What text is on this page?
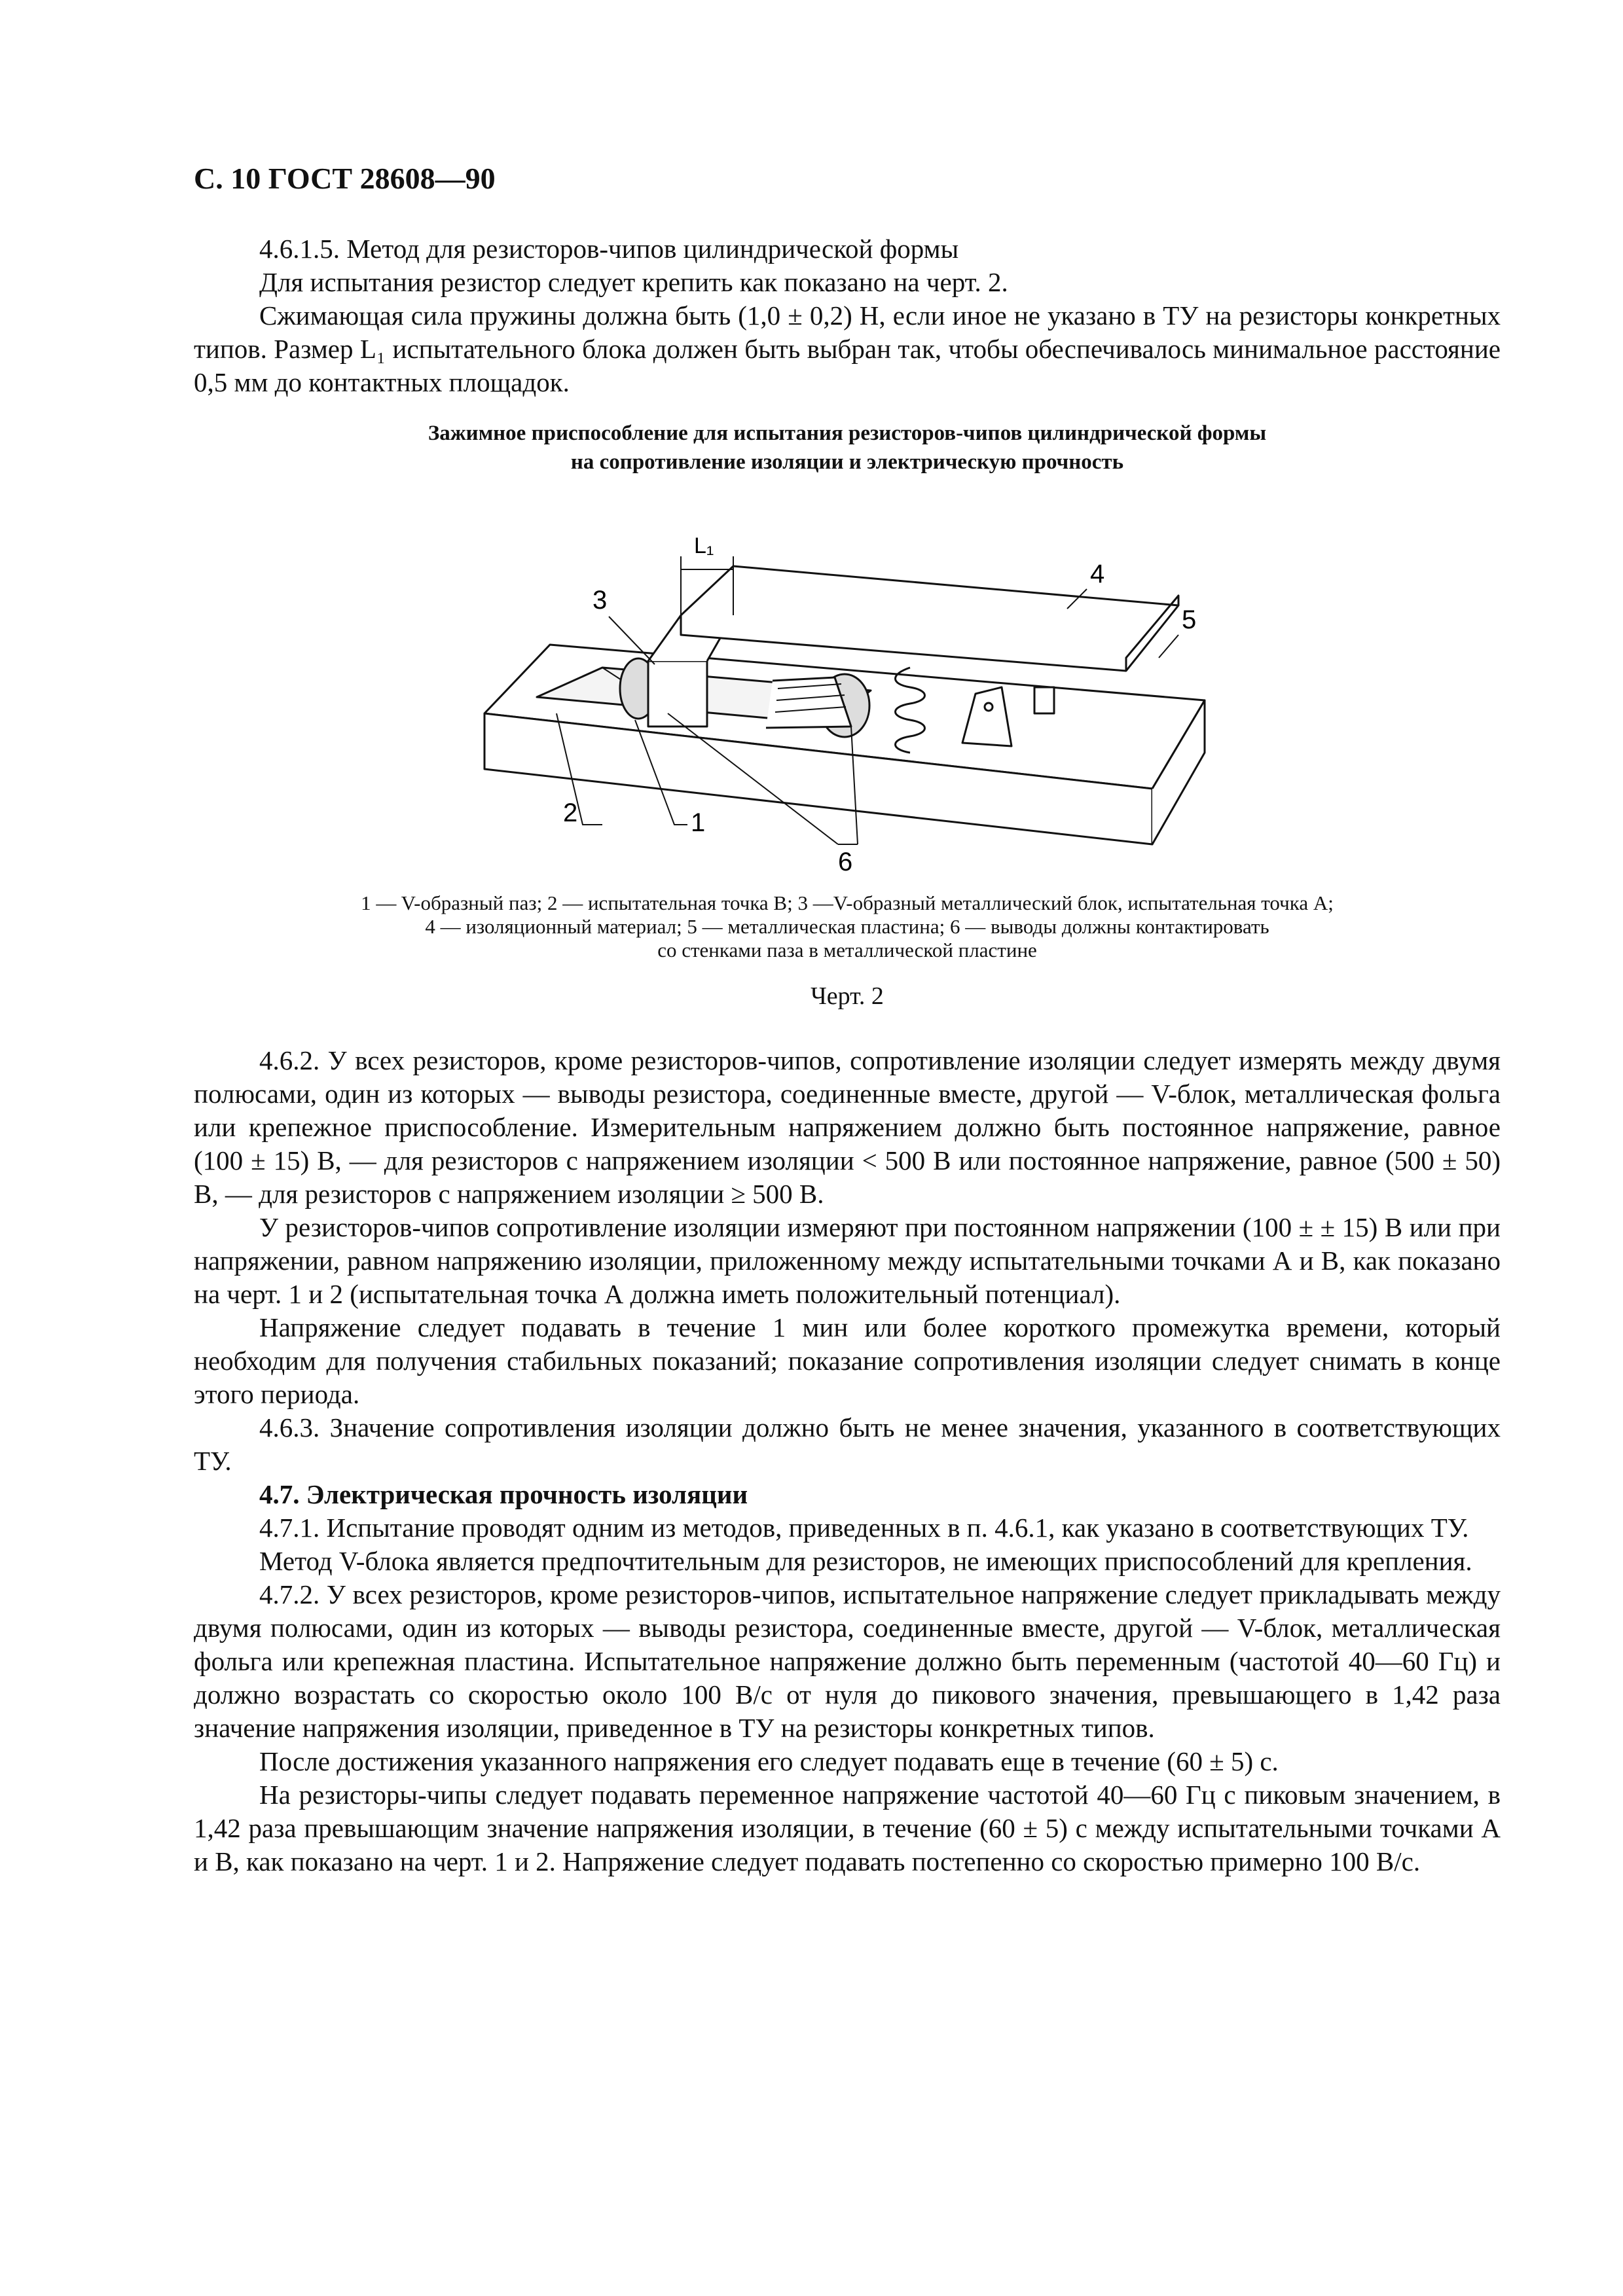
С. 10 ГОСТ 28608—90

4.6.1.5. Метод для резисторов-чипов цилиндрической формы

Для испытания резистор следует крепить как показано на черт. 2.

Сжимающая сила пружины должна быть (1,0 ± 0,2) Н, если иное не указано в ТУ на резисторы конкретных типов. Размер L₁ испытательного блока должен быть выбран так, чтобы обеспечивалось минимальное расстояние 0,5 мм до контактных площадок.

Зажимное приспособление для испытания резисторов-чипов цилиндрической формы
на сопротивление изоляции и электрическую прочность
L₁
3
4
5
2	1
6
1 — V-образный паз; 2 — испытательная точка В; 3 —V-образный металлический блок, испытательная точка А;
4 — изоляционный материал; 5 — металлическая пластина; 6 — выводы должны контактировать
со стенками паза в металлической пластине
Черт. 2

4.6.2. У всех резисторов, кроме резисторов-чипов, сопротивление изоляции следует измерять между двумя полюсами, один из которых — выводы резистора, соединенные вместе, другой — V-блок, металлическая фольга или крепежное приспособление. Измерительным напряжением должно быть постоянное напряжение, равное (100 ± 15) В, — для резисторов с напряжением изоляции < 500 В или постоянное напряжение, равное (500 ± 50) В, — для резисторов с напряжением изоляции ≥ 500 В.

У резисторов-чипов сопротивление изоляции измеряют при постоянном напряжении (100 ± ± 15) В или при напряжении, равном напряжению изоляции, приложенному между испытательными точками А и В, как показано на черт. 1 и 2 (испытательная точка А должна иметь положительный потенциал).

Напряжение следует подавать в течение 1 мин или более короткого промежутка времени, который необходим для получения стабильных показаний; показание сопротивления изоляции следует снимать в конце этого периода.

4.6.3. Значение сопротивления изоляции должно быть не менее значения, указанного в соответствующих ТУ.

4.7. Электрическая прочность изоляции

4.7.1. Испытание проводят одним из методов, приведенных в п. 4.6.1, как указано в соответствующих ТУ.

Метод V-блока является предпочтительным для резисторов, не имеющих приспособлений для крепления.

4.7.2. У всех резисторов, кроме резисторов-чипов, испытательное напряжение следует прикладывать между двумя полюсами, один из которых — выводы резистора, соединенные вместе, другой — V-блок, металлическая фольга или крепежная пластина. Испытательное напряжение должно быть переменным (частотой 40—60 Гц) и должно возрастать со скоростью около 100 В/с от нуля до пикового значения, превышающего в 1,42 раза значение напряжения изоляции, приведенное в ТУ на резисторы конкретных типов.

После достижения указанного напряжения его следует подавать еще в течение (60 ± 5) с.

На резисторы-чипы следует подавать переменное напряжение частотой 40—60 Гц с пиковым значением, в 1,42 раза превышающим значение напряжения изоляции, в течение (60 ± 5) с между испытательными точками А и В, как показано на черт. 1 и 2. Напряжение следует подавать постепенно со скоростью примерно 100 В/с.
